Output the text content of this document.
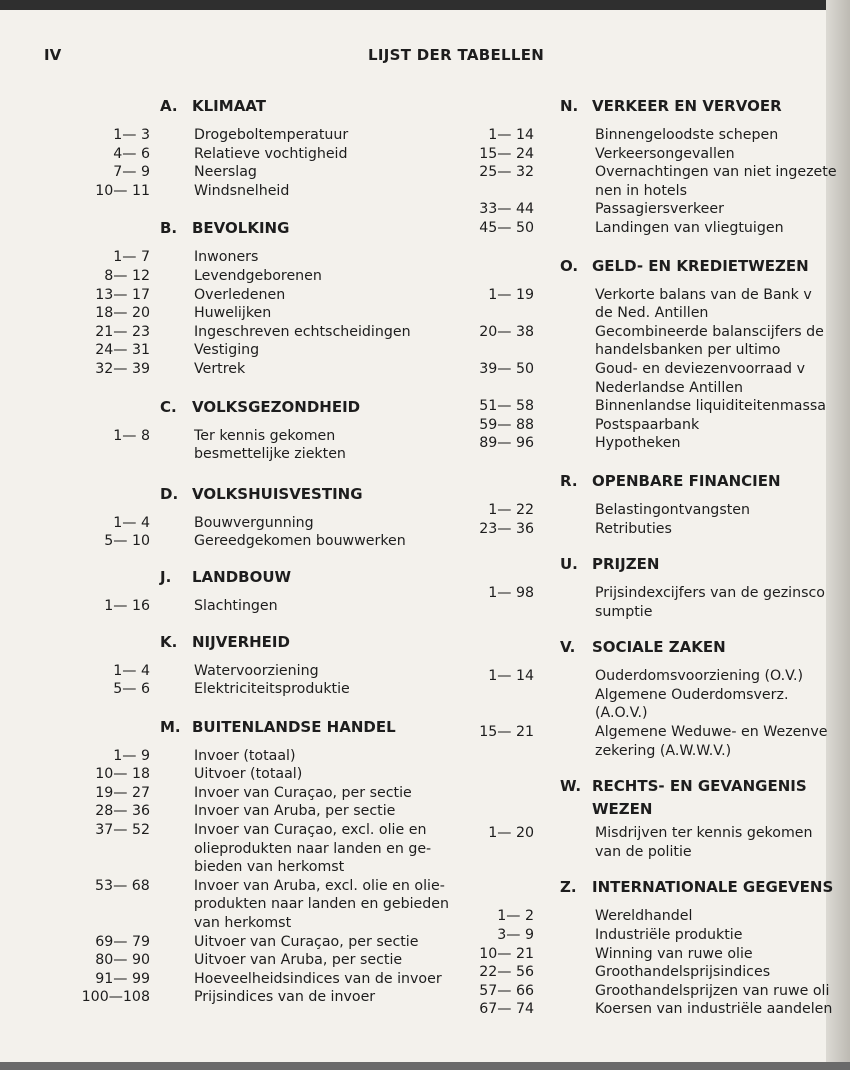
IV	LIJST DER TABELLEN
A. KLIMAAT
1— 3	Drogeboltemperatuur
4— 6	Relatieve vochtigheid
7— 9	Neerslag
10— 11	Windsnelheid
B. BEVOLKING
1— 7	Inwoners
8— 12	Levendgeborenen
13— 17	Overledenen
18— 20	Huwelijken
21— 23	Ingeschreven echtscheidingen
24— 31	Vestiging
32— 39	Vertrek
C.	VOLKSGEZONDHEID
1— 8	Ter kennis gekomen
besmettelijke ziekten
D. VOLKSHUISVESTING
1— 4	Bouwvergunning
5— 10	Gereedgekomen bouwwerken
J.	LANDBOUW
1— 16	Slachtingen
K. NIJVERHEID
1— 4	Watervoorziening
5— 6	Elektriciteitsproduktie
M. BUITENLANDSE HANDEL
1— 9	Invoer (totaal)
10— 18	Uitvoer (totaal)
19— 27	Invoer van Curaçao, per sectie
28— 36	Invoer van Aruba, per sectie
37— 52	Invoer van Curaçao, excl. olie en
olieprodukten naar landen en ge-
bieden van herkomst
53— 68	Invoer van Aruba, excl. olie en olie-
produkten naar landen en gebieden
van herkomst
69— 79	Uitvoer van Curaçao, per sectie
80— 90	Uitvoer van Aruba, per sectie
91— 99	Hoeveelheidsindices van de invoer
100—108	Prijsindices van de invoer
N. VERKEER EN VERVOER
1— 14	Binnengeloodste schepen
15— 24	Verkeersongevallen
25— 32	Overnachtingen van niet ingezete
nen in hotels
33— 44	Passagiersverkeer
45— 50	Landingen van vliegtuigen
O. GELD- EN KREDIETWEZEN
1— 19	Verkorte balans van de Bank v
de Ned. Antillen
20— 38	Gecombineerde balanscijfers de
handelsbanken per ultimo
39— 50	Goud- en deviezenvoorraad v
Nederlandse Antillen
51— 58	Binnenlandse liquiditeitenmassa
59— 88	Postspaarbank
89— 96	Hypotheken
R. OPENBARE FINANCIEN
1— 22	Belastingontvangsten
23— 36	Retributies
U. PRIJZEN
1— 98	Prijsindexcijfers van de gezinsco
sumptie
V.	SOCIALE ZAKEN
1— 14	Ouderdomsvoorziening (O.V.)
Algemene Ouderdomsverz.
(A.O.V.)
15— 21	Algemene Weduwe- en Wezenve
zekering (A.W.W.V.)
W. RECHTS- EN GEVANGENIS
WEZEN
1— 20	Misdrijven ter kennis gekomen
van de politie
Z.	INTERNATIONALE GEGEVENS
1— 2	Wereldhandel
3— 9	Industriële produktie
10— 21	Winning van ruwe olie
22— 56	Groothandelsprijsindices
57— 66	Groothandelsprijzen van ruwe oli
67— 74	Koersen van industriële aandelen
